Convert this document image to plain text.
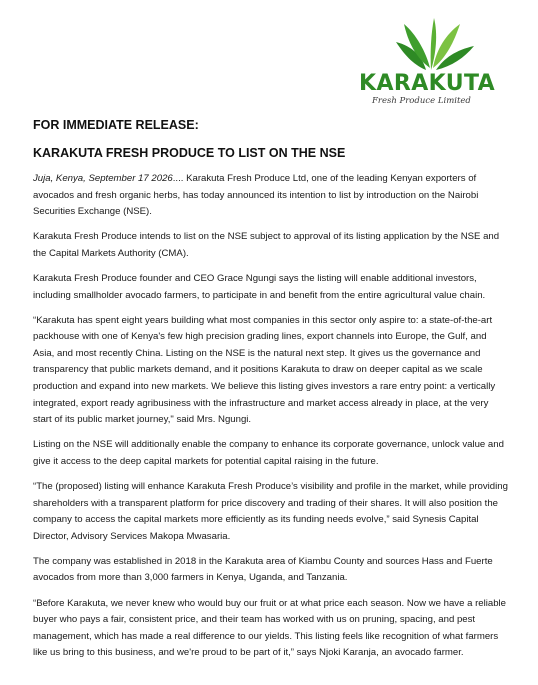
KARAKUTA
Fresh Produce Limited
FOR IMMEDIATE RELEASE:
KARAKUTA FRESH PRODUCE TO LIST ON THE NSE

Juja, Kenya, September 17 2026.... Karakuta Fresh Produce Ltd, one of the leading Kenyan exporters of avocados and fresh organic herbs, has today announced its intention to list by introduction on the Nairobi Securities Exchange (NSE).

Karakuta Fresh Produce intends to list on the NSE subject to approval of its listing application by the NSE and the Capital Markets Authority (CMA).

Karakuta Fresh Produce founder and CEO Grace Ngungi says the listing will enable additional investors, including smallholder avocado farmers, to participate in and benefit from the entire agricultural value chain.

“Karakuta has spent eight years building what most companies in this sector only aspire to: a state-of-the-art packhouse with one of Kenya's few high precision grading lines, export channels into Europe, the Gulf, and Asia, and most recently China. Listing on the NSE is the natural next step. It gives us the governance and transparency that public markets demand, and it positions Karakuta to draw on deeper capital as we scale production and expand into new markets. We believe this listing gives investors a rare entry point: a vertically integrated, export ready agribusiness with the infrastructure and market access already in place, at the very start of its public market journey," said Mrs. Ngungi.

Listing on the NSE will additionally enable the company to enhance its corporate governance, unlock value and give it access to the deep capital markets for potential capital raising in the future.

“The (proposed) listing will enhance Karakuta Fresh Produce’s visibility and profile in the market, while providing shareholders with a transparent platform for price discovery and trading of their shares. It will also position the company to access the capital markets more efficiently as its funding needs evolve,” said Synesis Capital Director, Advisory Services Makopa Mwasaria.

The company was established in 2018 in the Karakuta area of Kiambu County and sources Hass and Fuerte avocados from more than 3,000 farmers in Kenya, Uganda, and Tanzania.

“Before Karakuta, we never knew who would buy our fruit or at what price each season. Now we have a reliable buyer who pays a fair, consistent price, and their team has worked with us on pruning, spacing, and pest management, which has made a real difference to our yields. This listing feels like recognition of what farmers like us bring to this business, and we're proud to be part of it,” says Njoki Karanja, an avocado farmer.
